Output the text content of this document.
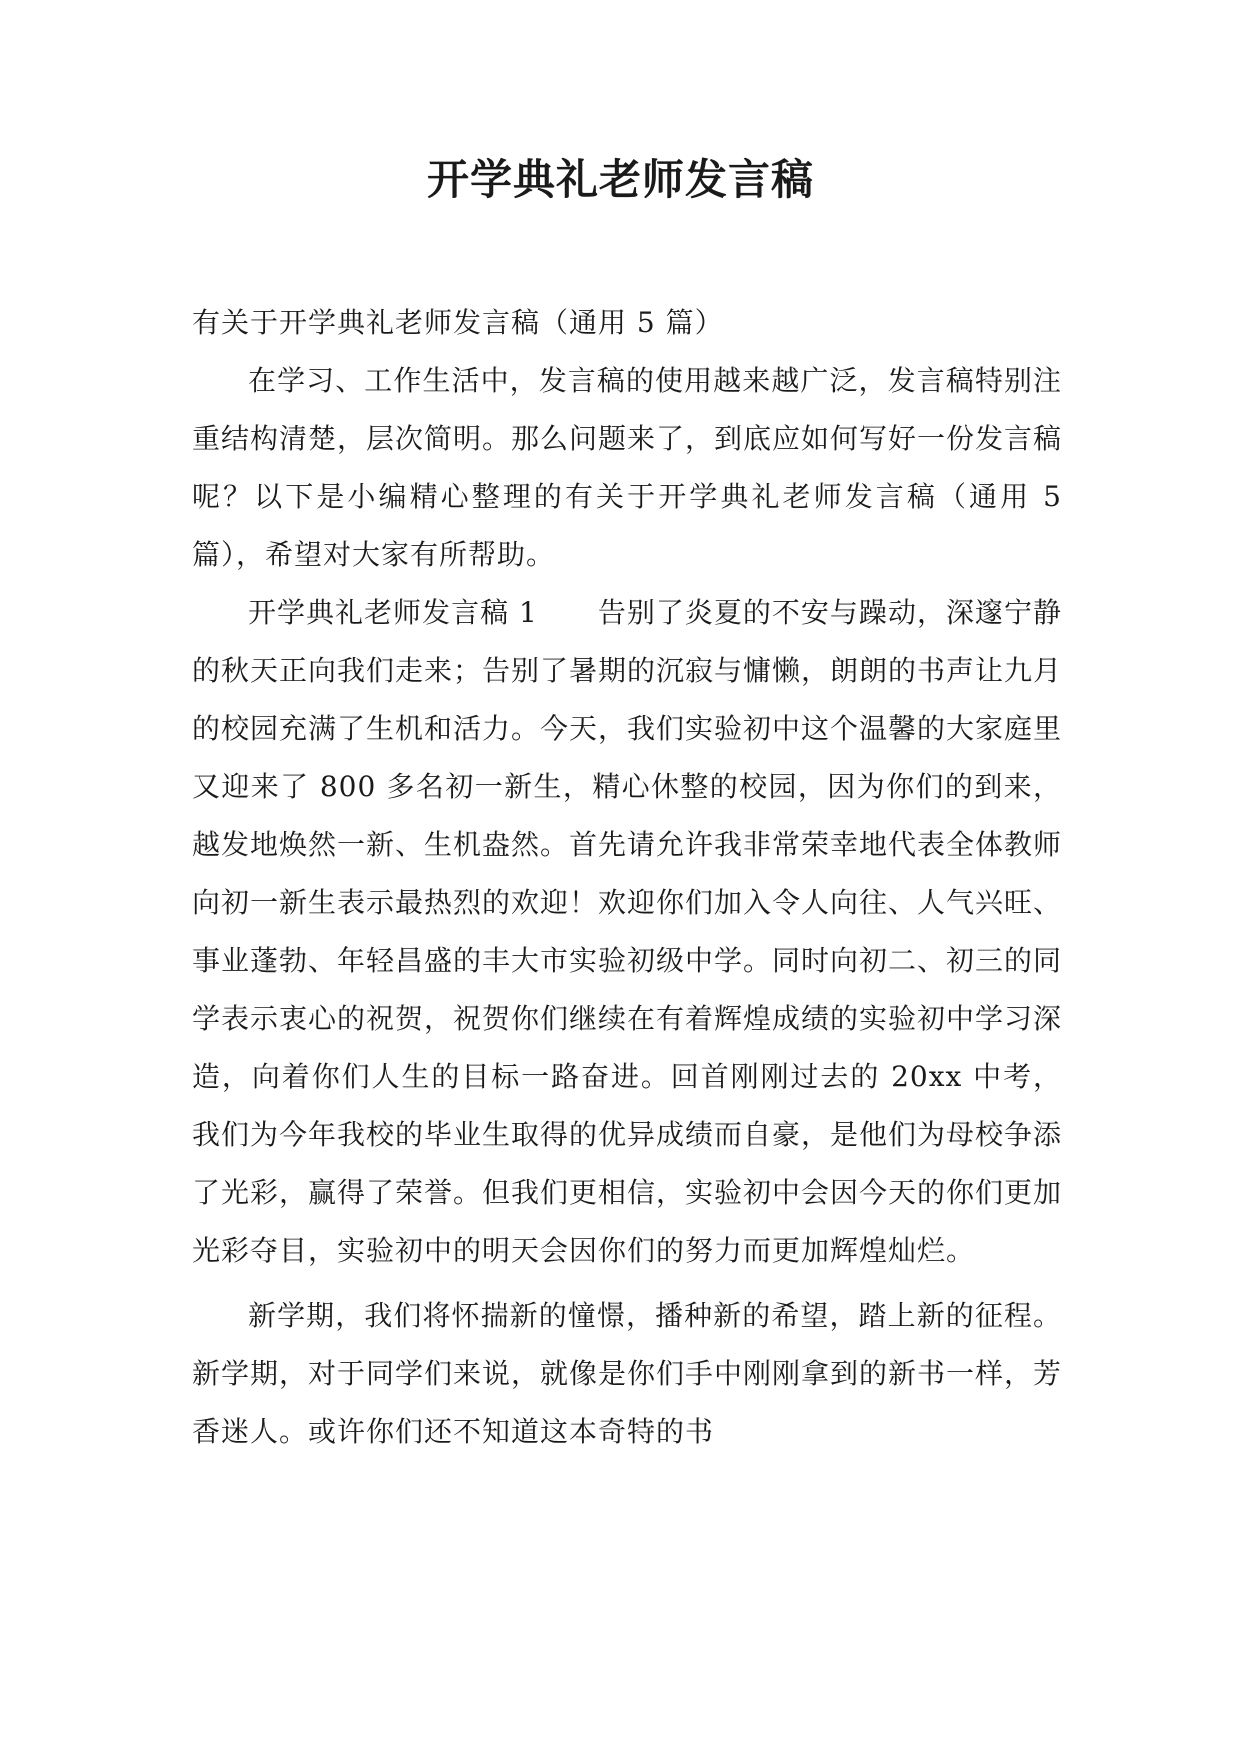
开学典礼老师发言稿

有关于开学典礼老师发言稿（通用 5 篇）

在学习、工作生活中，发言稿的使用越来越广泛，发言稿特别注重结构清楚，层次简明。那么问题来了，到底应如何写好一份发言稿呢？以下是小编精心整理的有关于开学典礼老师发言稿（通用 5 篇），希望对大家有所帮助。

开学典礼老师发言稿 1 告别了炎夏的不安与躁动，深邃宁静的秋天正向我们走来；告别了暑期的沉寂与慵懒，朗朗的书声让九月的校园充满了生机和活力。今天，我们实验初中这个温馨的大家庭里又迎来了 800 多名初一新生，精心休整的校园，因为你们的到来，越发地焕然一新、生机盎然。首先请允许我非常荣幸地代表全体教师向初一新生表示最热烈的欢迎！欢迎你们加入令人向往、人气兴旺、事业蓬勃、年轻昌盛的丰大市实验初级中学。同时向初二、初三的同学表示衷心的祝贺，祝贺你们继续在有着辉煌成绩的实验初中学习深造，向着你们人生的目标一路奋进。回首刚刚过去的 20xx 中考，我们为今年我校的毕业生取得的优异成绩而自豪，是他们为母校争添了光彩，赢得了荣誉。但我们更相信，实验初中会因今天的你们更加光彩夺目，实验初中的明天会因你们的努力而更加辉煌灿烂。

新学期，我们将怀揣新的憧憬，播种新的希望，踏上新的征程。新学期，对于同学们来说，就像是你们手中刚刚拿到的新书一样，芳香迷人。或许你们还不知道这本奇特的书
